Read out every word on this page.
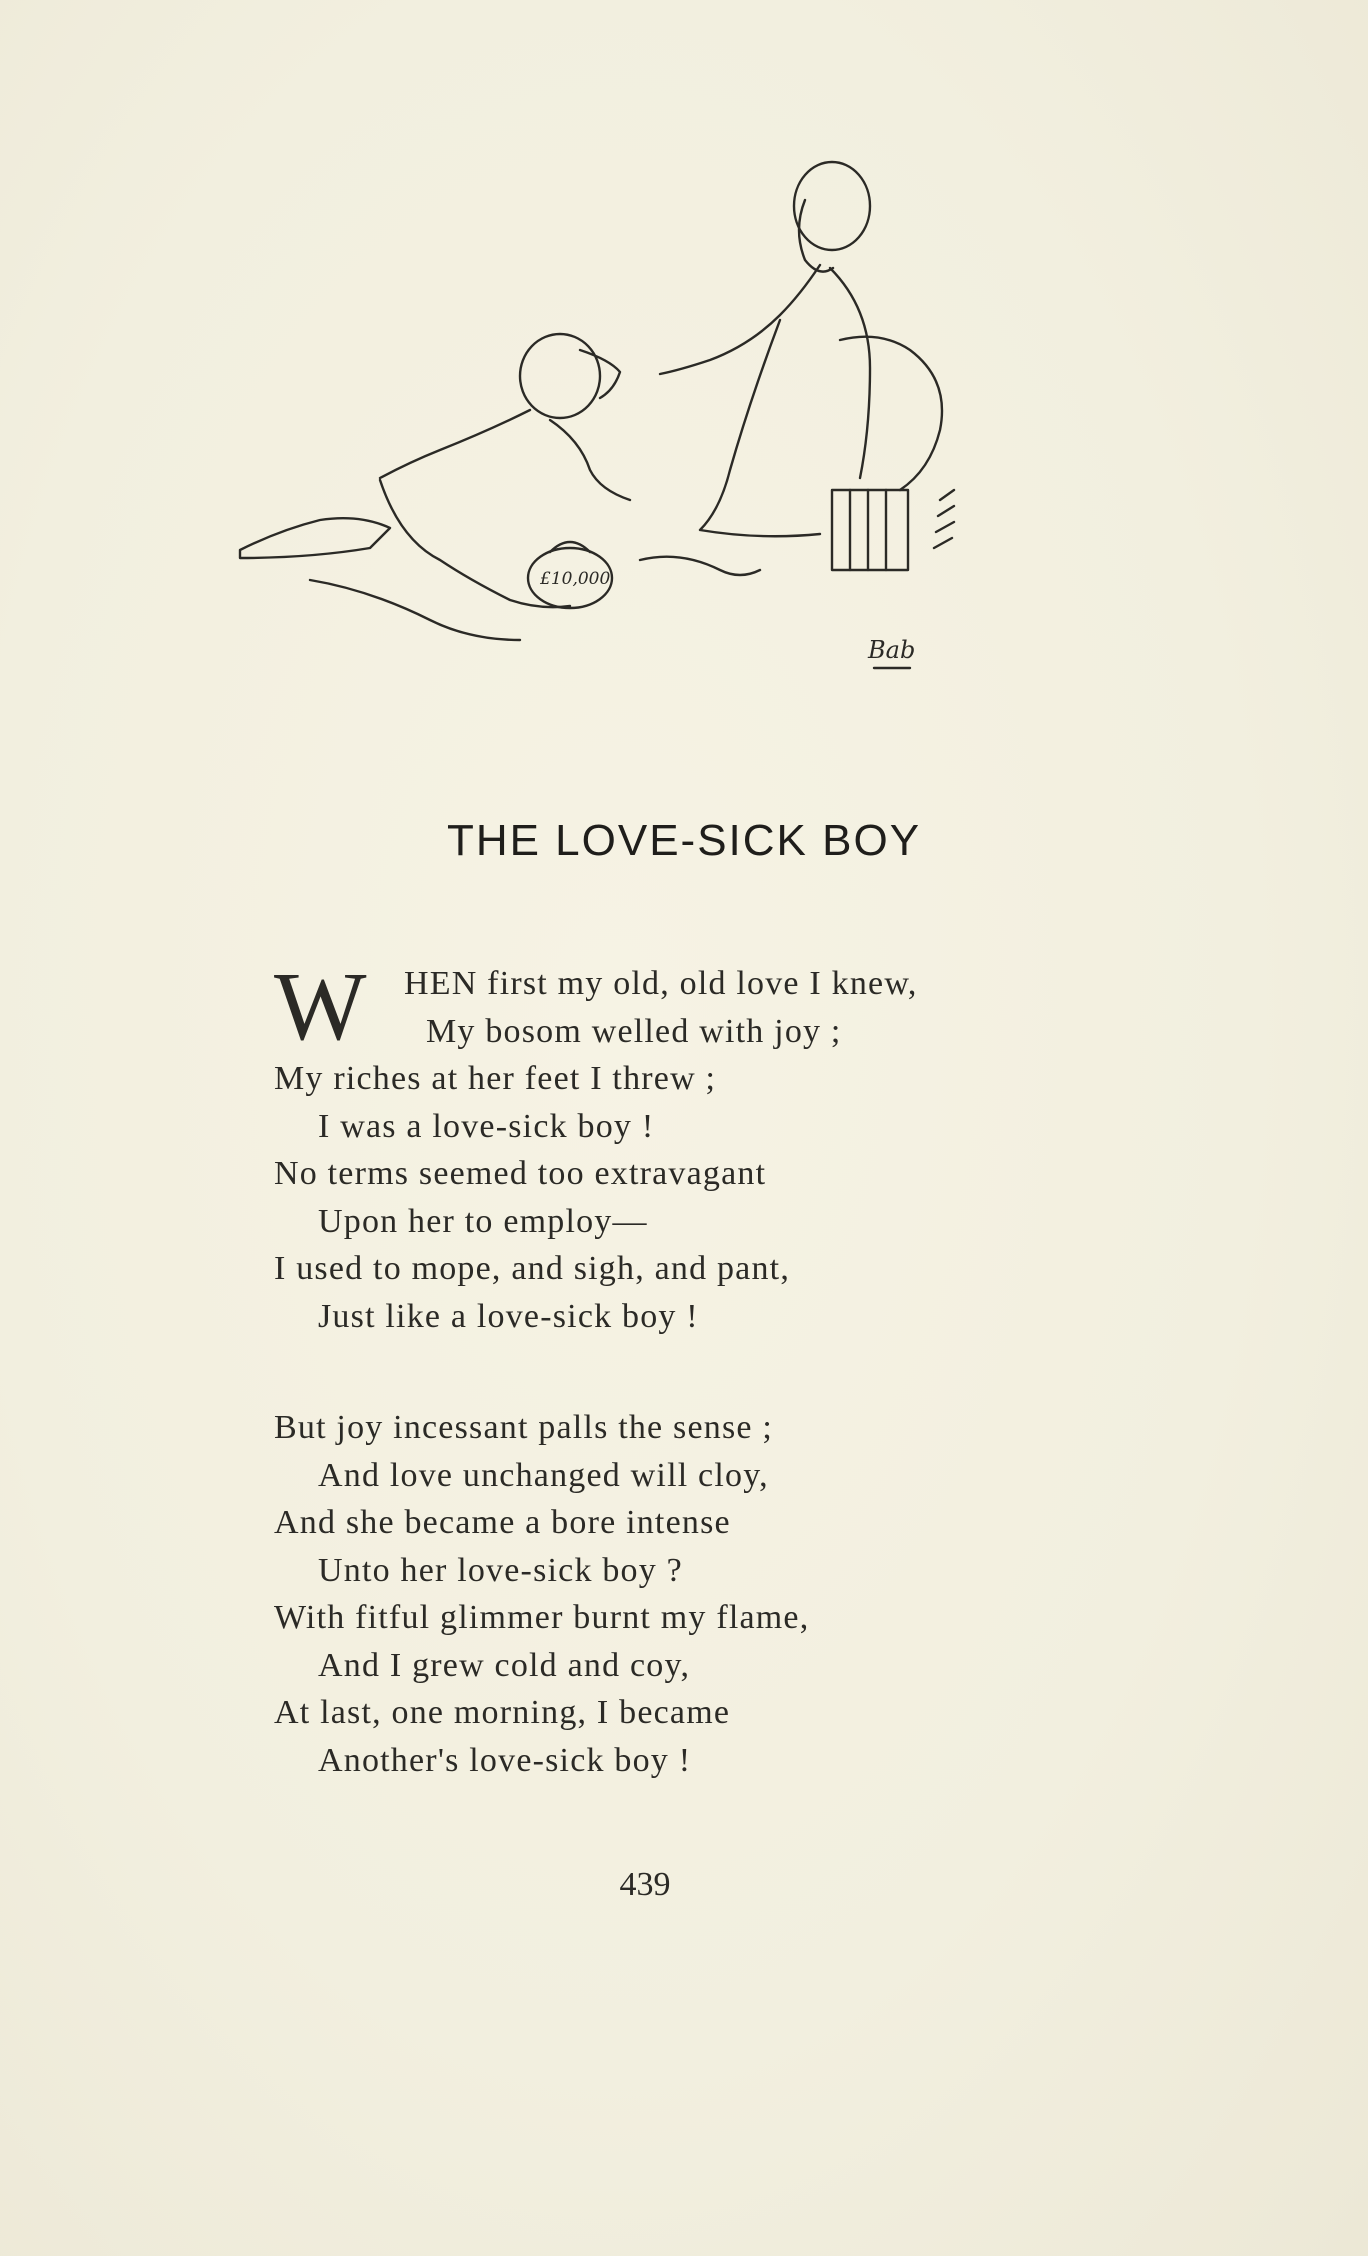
£10,000
Bab
THE LOVE-SICK BOY
W HEN first my old, old love I knew,
My bosom welled with joy ;
My riches at her feet I threw ;
I was a love-sick boy !
No terms seemed too extravagant
Upon her to employ—
I used to mope, and sigh, and pant,
Just like a love-sick boy !
But joy incessant palls the sense ;
And love unchanged will cloy,
And she became a bore intense
Unto her love-sick boy ?
With fitful glimmer burnt my flame,
And I grew cold and coy,
At last, one morning, I became
Another's love-sick boy !
439
